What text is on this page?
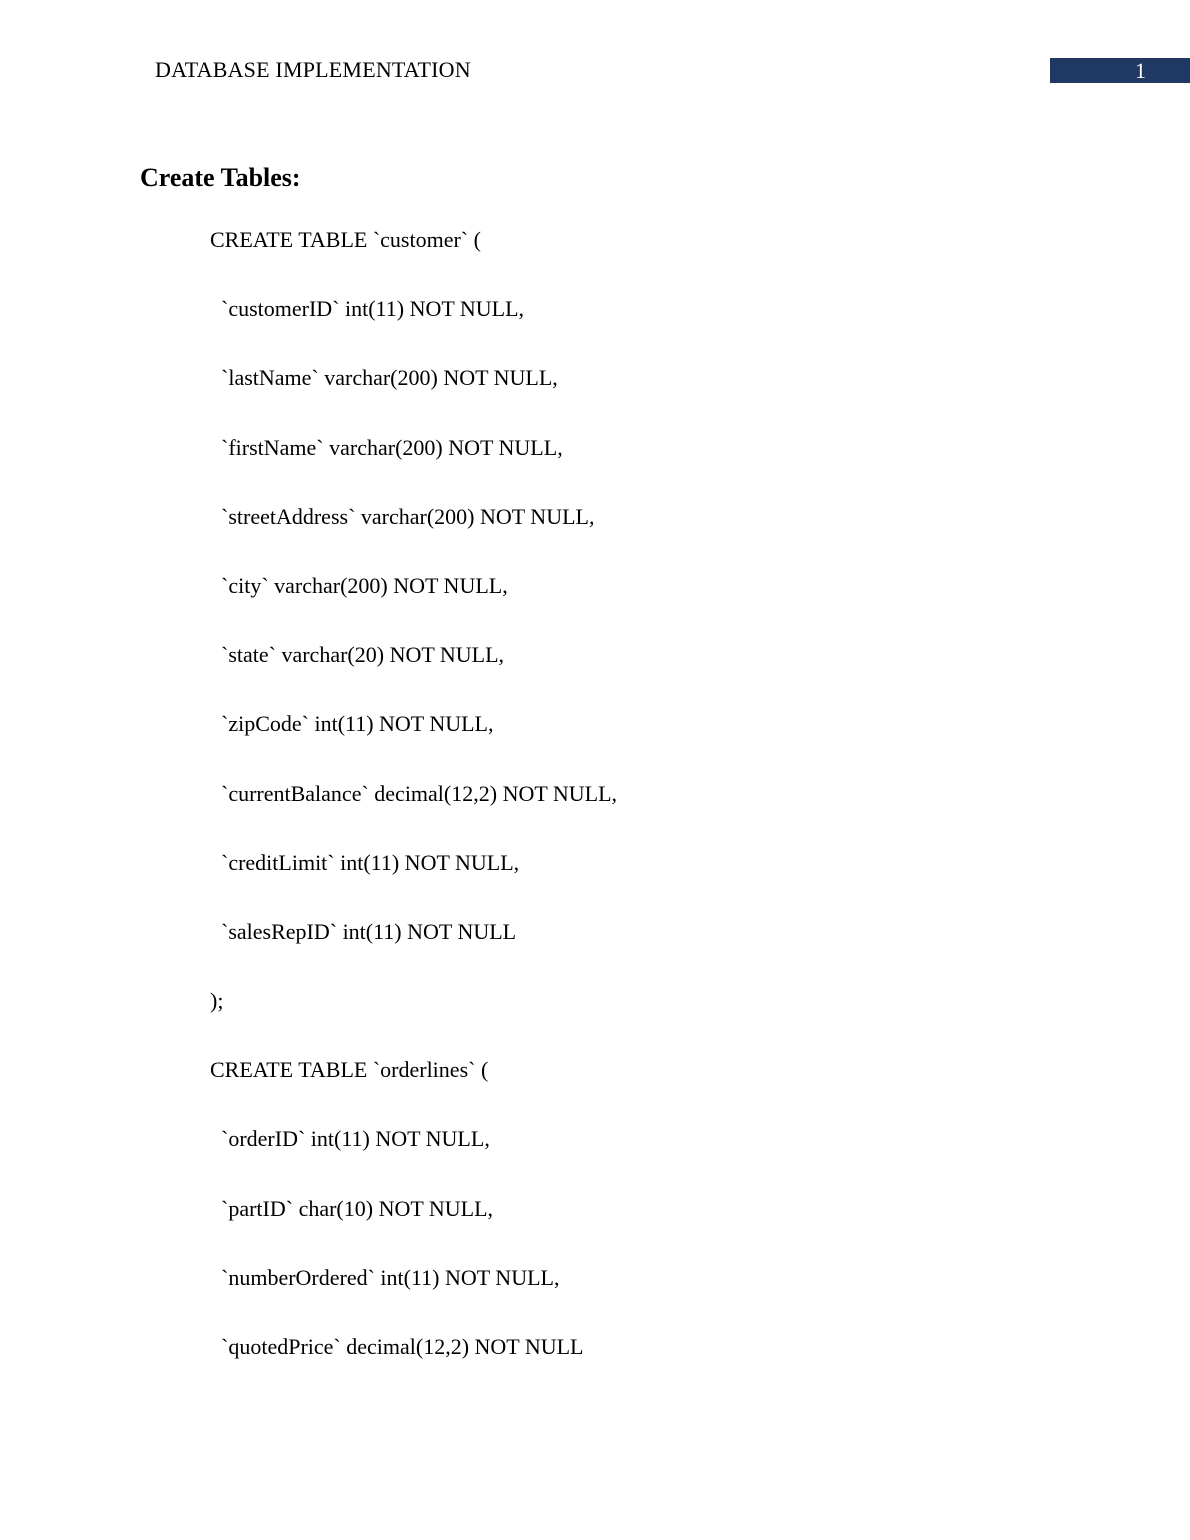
DATABASE IMPLEMENTATION	1
Create Tables:
CREATE TABLE `customer` (
`customerID` int(11) NOT NULL,
`lastName` varchar(200) NOT NULL,
`firstName` varchar(200) NOT NULL,
`streetAddress` varchar(200) NOT NULL,
`city` varchar(200) NOT NULL,
`state` varchar(20) NOT NULL,
`zipCode` int(11) NOT NULL,
`currentBalance` decimal(12,2) NOT NULL,
`creditLimit` int(11) NOT NULL,
`salesRepID` int(11) NOT NULL
);
CREATE TABLE `orderlines` (
`orderID` int(11) NOT NULL,
`partID` char(10) NOT NULL,
`numberOrdered` int(11) NOT NULL,
`quotedPrice` decimal(12,2) NOT NULL
